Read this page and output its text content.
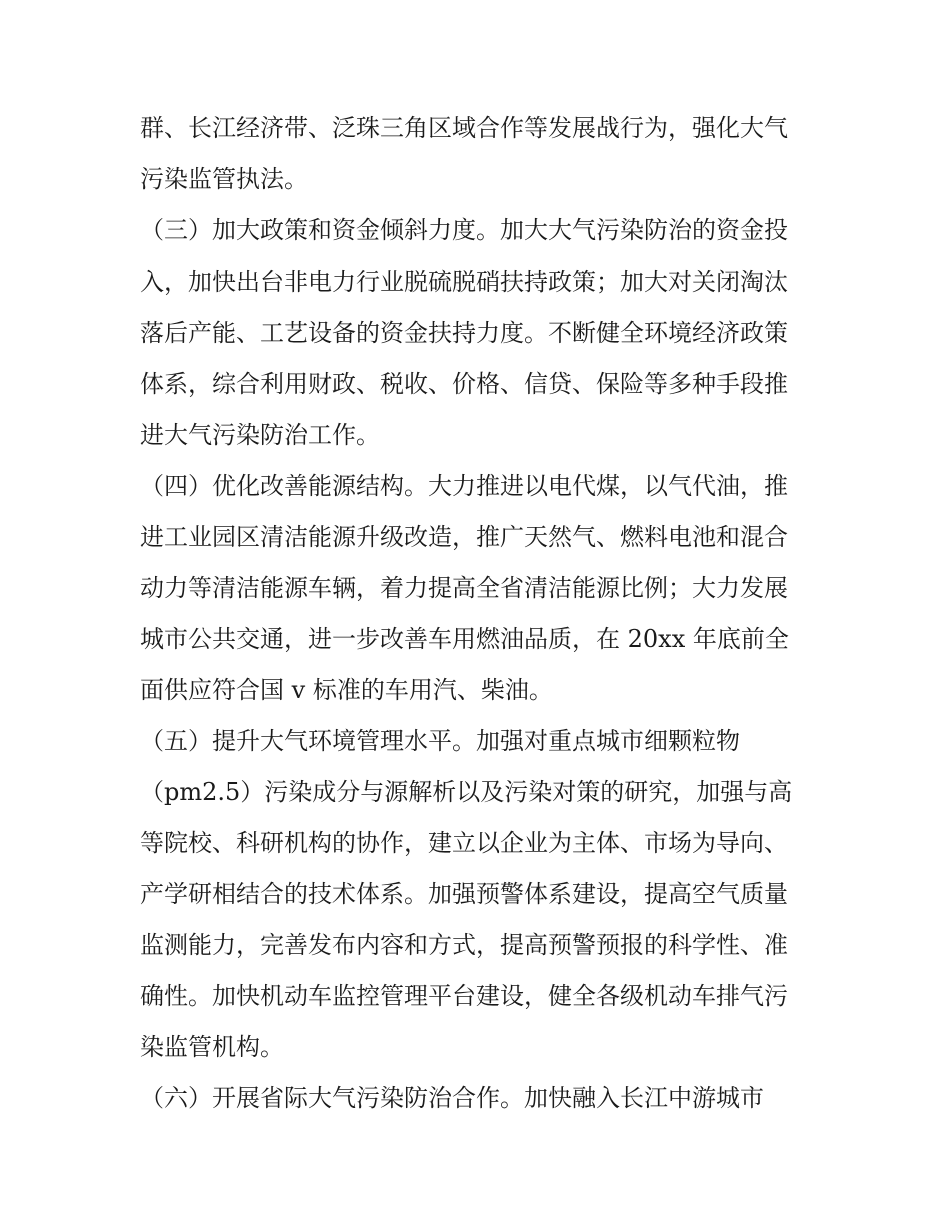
群、长江经济带、泛珠三角区域合作等发展战行为，强化大气
污染监管执法。
（三）加大政策和资金倾斜力度。加大大气污染防治的资金投
入，加快出台非电力行业脱硫脱硝扶持政策；加大对关闭淘汰
落后产能、工艺设备的资金扶持力度。不断健全环境经济政策
体系，综合利用财政、税收、价格、信贷、保险等多种手段推
进大气污染防治工作。
（四）优化改善能源结构。大力推进以电代煤，以气代油，推
进工业园区清洁能源升级改造，推广天然气、燃料电池和混合
动力等清洁能源车辆，着力提高全省清洁能源比例；大力发展
城市公共交通，进一步改善车用燃油品质，在 20xx 年底前全
面供应符合国 v 标准的车用汽、柴油。
（五）提升大气环境管理水平。加强对重点城市细颗粒物
（pm2.5）污染成分与源解析以及污染对策的研究，加强与高
等院校、科研机构的协作，建立以企业为主体、市场为导向、
产学研相结合的技术体系。加强预警体系建设，提高空气质量
监测能力，完善发布内容和方式，提高预警预报的科学性、准
确性。加快机动车监控管理平台建设，健全各级机动车排气污
染监管机构。
（六）开展省际大气污染防治合作。加快融入长江中游城市
